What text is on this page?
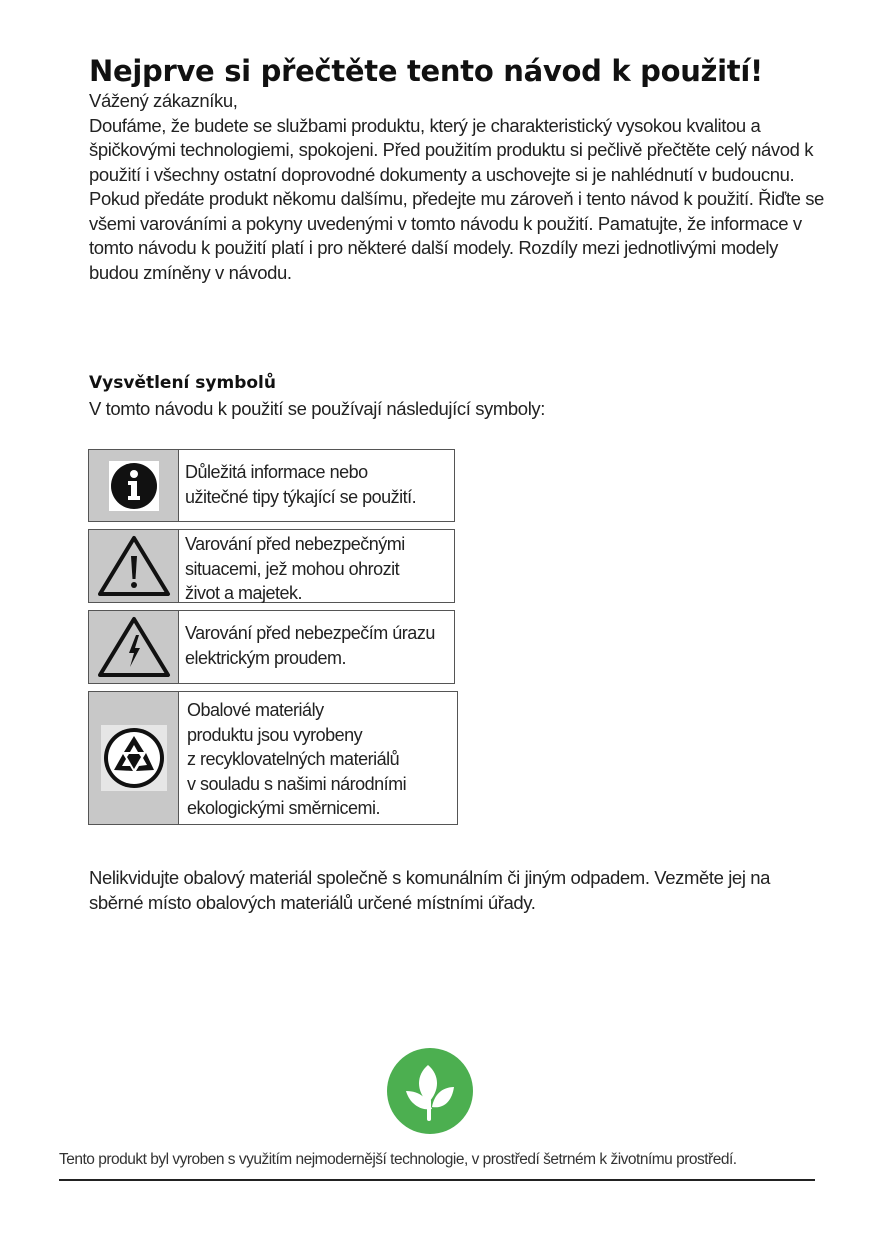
Nejprve si přečtěte tento návod k použití!

Vážený zákazníku,

Doufáme, že budete se službami produktu, který je charakteristický vysokou kvalitou a špičkovými technologiemi, spokojeni. Před použitím produktu si pečlivě přečtěte celý návod k použití i všechny ostatní doprovodné dokumenty a uschovejte si je nahlédnutí v budoucnu. Pokud předáte produkt někomu dalšímu, předejte mu zároveň i tento návod k použití. Řiďte se všemi varováními a pokyny uvedenými v tomto návodu k použití. Pamatujte, že informace v tomto návodu k použití platí i pro některé další modely. Rozdíly mezi jednotlivými modely budou zmíněny v návodu.

Vysvětlení symbolů

V tomto návodu k použití se používají následující symboly:

Důležitá informace nebo
užitečné tipy týkající se použití.
Varování před nebezpečnými
situacemi, jež mohou ohrozit
život a majetek.
Varování před nebezpečím úrazu
elektrickým proudem.
Obalové materiály
produktu jsou vyrobeny
z recyklovatelných materiálů
v souladu s našimi národními
ekologickými směrnicemi.

Nelikvidujte obalový materiál společně s komunálním či jiným odpadem. Vezměte jej na sběrné místo obalových materiálů určené místními úřady.

Tento produkt byl vyroben s využitím nejmodernější technologie, v prostředí šetrném k životnímu prostředí.
